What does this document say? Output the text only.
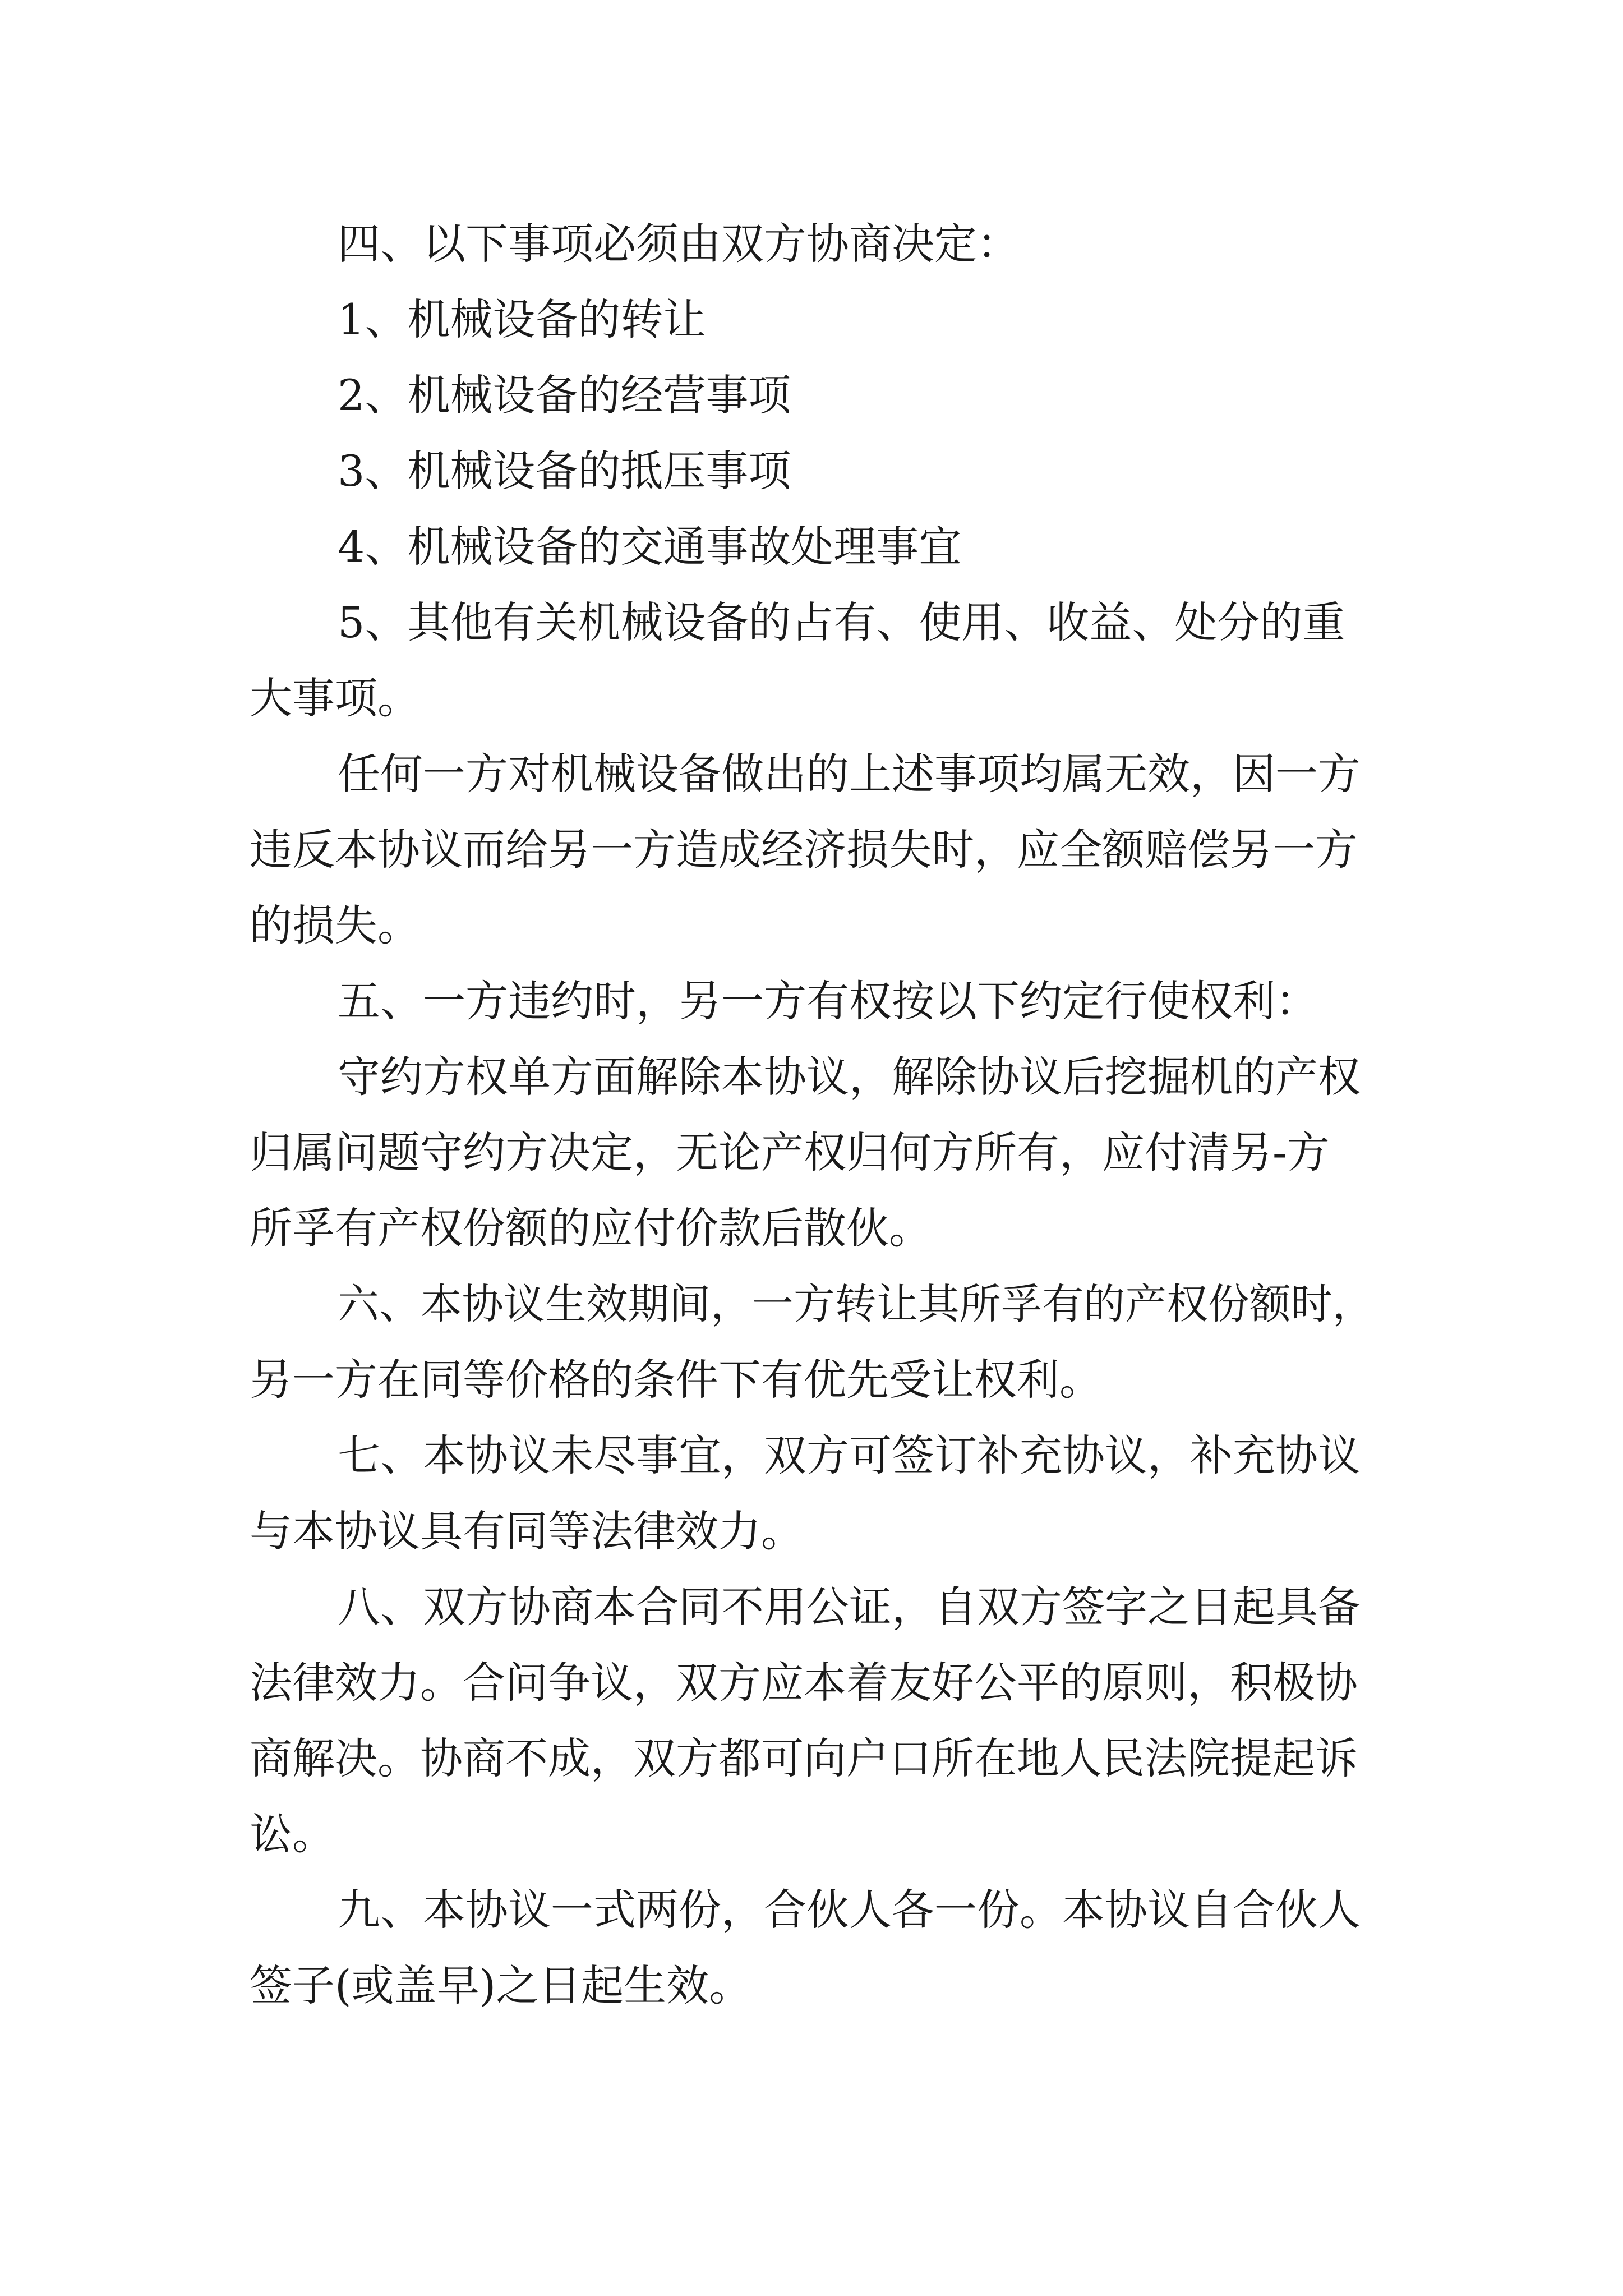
四、以下事项必须由双方协商决定：

1、机械设备的转让

2、机械设备的经营事项

3、机械设备的抵压事项

4、机械设备的交通事故处理事宜

5、其他有关机械设备的占有、使用、收益、处分的重

大事项。

任何一方对机械设备做出的上述事项均属无效，因一方

违反本协议而给另一方造成经济损失时，应全额赔偿另一方

的损失。

五、一方违约时，另一方有权按以下约定行使权利：

守约方权单方面解除本协议，解除协议后挖掘机的产权

归属问题守约方决定，无论产权归何方所有，应付清另-方

所孚有产权份额的应付价款后散伙。

六、本协议生效期间，一方转让其所孚有的产权份额时，

另一方在同等价格的条件下有优先受让权利。

七、本协议未尽事宜，双方可签订补充协议，补充协议

与本协议具有同等法律效力。

八、双方协商本合同不用公证，自双方签字之日起具备

法律效力。合问争议，双方应本着友好公平的原则，积极协

商解决。协商不成，双方都可向户口所在地人民法院提起诉

讼。

九、本协议一式两份，合伙人各一份。本协议自合伙人

签子(或盖早)之日起生效。
